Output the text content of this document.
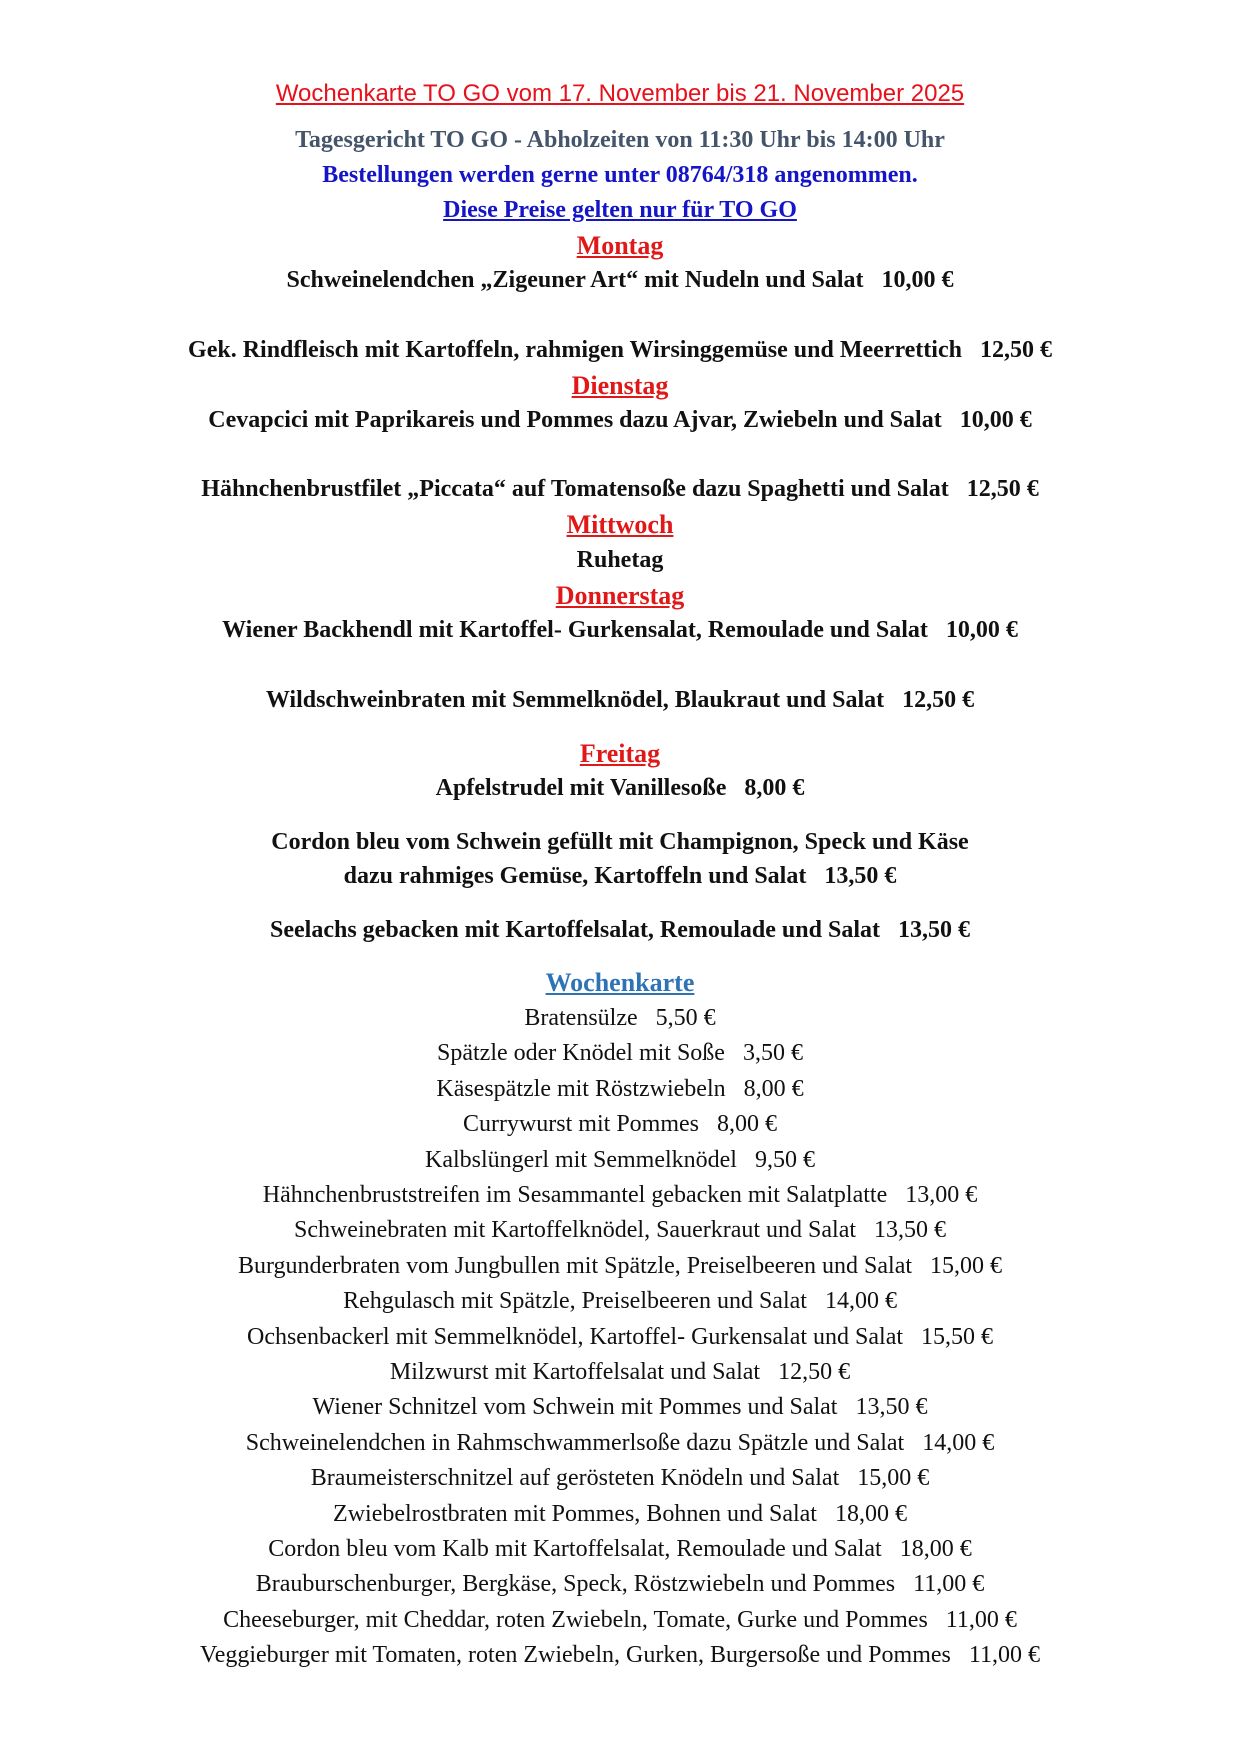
Wochenkarte TO GO vom 17. November bis 21. November 2025
Tagesgericht TO GO - Abholzeiten von 11:30 Uhr bis 14:00 Uhr
Bestellungen werden gerne unter 08764/318 angenommen.
Diese Preise gelten nur für TO GO
Montag
Schweinelendchen „Zigeuner Art“ mit Nudeln und Salat 10,00 €
Gek. Rindfleisch mit Kartoffeln, rahmigen Wirsinggemüse und Meerrettich 12,50 €
Dienstag
Cevapcici mit Paprikareis und Pommes dazu Ajvar, Zwiebeln und Salat 10,00 €
Hähnchenbrustfilet „Piccata“ auf Tomatensoße dazu Spaghetti und Salat 12,50 €
Mittwoch
Ruhetag
Donnerstag
Wiener Backhendl mit Kartoffel- Gurkensalat, Remoulade und Salat 10,00 €
Wildschweinbraten mit Semmelknödel, Blaukraut und Salat 12,50 €
Freitag
Apfelstrudel mit Vanillesoße 8,00 €
Cordon bleu vom Schwein gefüllt mit Champignon, Speck und Käse
dazu rahmiges Gemüse, Kartoffeln und Salat 13,50 €
Seelachs gebacken mit Kartoffelsalat, Remoulade und Salat 13,50 €
Wochenkarte
Bratensülze 5,50 €
Spätzle oder Knödel mit Soße 3,50 €
Käsespätzle mit Röstzwiebeln 8,00 €
Currywurst mit Pommes 8,00 €
Kalbslüngerl mit Semmelknödel 9,50 €
Hähnchenbruststreifen im Sesammantel gebacken mit Salatplatte 13,00 €
Schweinebraten mit Kartoffelknödel, Sauerkraut und Salat 13,50 €
Burgunderbraten vom Jungbullen mit Spätzle, Preiselbeeren und Salat 15,00 €
Rehgulasch mit Spätzle, Preiselbeeren und Salat 14,00 €
Ochsenbackerl mit Semmelknödel, Kartoffel- Gurkensalat und Salat 15,50 €
Milzwurst mit Kartoffelsalat und Salat 12,50 €
Wiener Schnitzel vom Schwein mit Pommes und Salat 13,50 €
Schweinelendchen in Rahmschwammerlsoße dazu Spätzle und Salat 14,00 €
Braumeisterschnitzel auf gerösteten Knödeln und Salat 15,00 €
Zwiebelrostbraten mit Pommes, Bohnen und Salat 18,00 €
Cordon bleu vom Kalb mit Kartoffelsalat, Remoulade und Salat 18,00 €
Brauburschenburger, Bergkäse, Speck, Röstzwiebeln und Pommes 11,00 €
Cheeseburger, mit Cheddar, roten Zwiebeln, Tomate, Gurke und Pommes 11,00 €
Veggieburger mit Tomaten, roten Zwiebeln, Gurken, Burgersoße und Pommes 11,00 €
